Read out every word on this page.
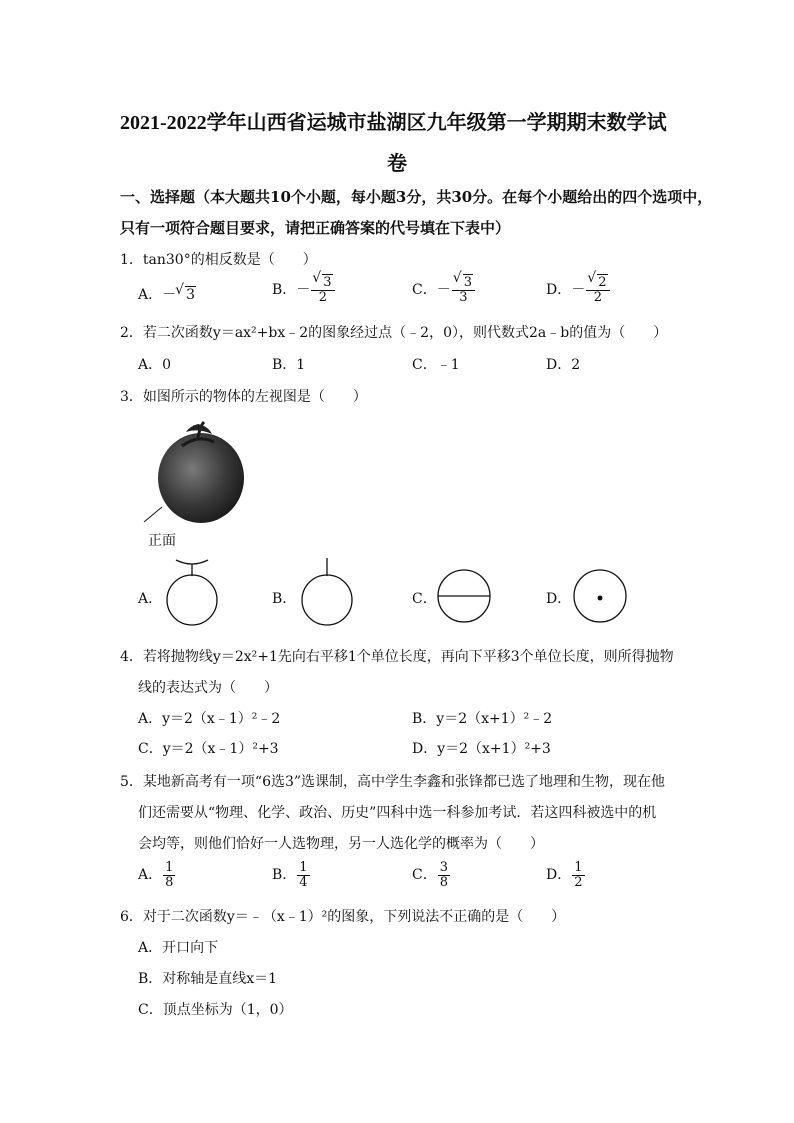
2021-2022学年山西省运城市盐湖区九年级第一学期期末数学试
卷
一、选择题（本大题共10个小题，每小题3分，共30分。在每个小题给出的四个选项中，
只有一项符合题目要求，请把正确答案的代号填在下表中）
1．tan30°的相反数是（　　）
A．－ √ 3	B．－ $\frac{√ 3}{2}$	C．－ $\frac{√ 3}{3}$	D．－ $\frac{√ 2}{2}$
2．若二次函数y＝ax²+bx﹣2的图象经过点（﹣2，0），则代数式2a﹣b的值为（　　）
A．0	B．1	C．﹣1	D．2
3．如图所示的物体的左视图是（　　）
正面
A．	B．	C．	D．
4．若将抛物线y＝2x²+1先向右平移1个单位长度，再向下平移3个单位长度，则所得抛物
线的表达式为（　　）
A．y＝2（x﹣1）²﹣2	B．y＝2（x+1）²﹣2
C．y＝2（x﹣1）²+3	D．y＝2（x+1）²+3
5．某地新高考有一项“6选3”选课制，高中学生李鑫和张锋都已选了地理和生物，现在他
们还需要从“物理、化学、政治、历史”四科中选一科参加考试．若这四科被选中的机
会均等，则他们恰好一人选物理，另一人选化学的概率为（　　）
A． $\frac{1}{8}$	B． $\frac{1}{4}$	C． $\frac{3}{8}$	D． $\frac{1}{2}$
6．对于二次函数y＝﹣（x﹣1）²的图象，下列说法不正确的是（　　）
A．开口向下
B．对称轴是直线x＝1
C．顶点坐标为（1，0）
